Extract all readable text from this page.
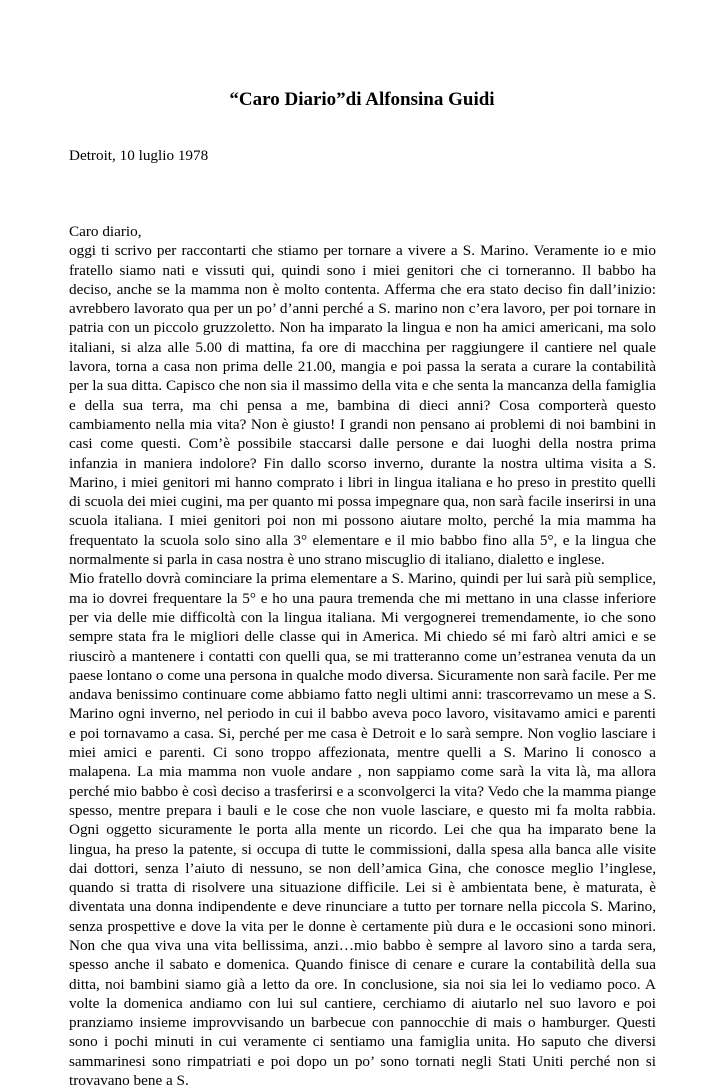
“Caro Diario”di Alfonsina Guidi

Detroit, 10 luglio 1978

Caro diario,

oggi ti scrivo per raccontarti che stiamo per tornare a vivere a S. Marino. Veramente io e mio fratello siamo nati e vissuti qui, quindi sono i miei genitori che ci torneranno. Il babbo ha deciso, anche se la mamma non è molto contenta. Afferma che era stato deciso fin dall’inizio: avrebbero lavorato qua per un po’ d’anni perché a S. marino non c’era lavoro, per poi tornare in patria con un piccolo gruzzoletto. Non ha imparato la lingua e non ha amici americani, ma solo italiani, si alza alle 5.00 di mattina, fa ore di macchina per raggiungere il cantiere nel quale lavora, torna a casa non prima delle 21.00, mangia e poi passa la serata a curare la contabilità per la sua ditta. Capisco che non sia il massimo della vita e che senta la mancanza della famiglia e della sua terra, ma chi pensa a me, bambina di dieci anni? Cosa comporterà questo cambiamento nella mia vita? Non è giusto! I grandi non pensano ai problemi di noi bambini in casi come questi. Com’è possibile staccarsi dalle persone e dai luoghi della nostra prima infanzia in maniera indolore? Fin dallo scorso inverno, durante la nostra ultima visita a S. Marino, i miei genitori mi hanno comprato i libri in lingua italiana e ho preso in prestito quelli di scuola dei miei cugini, ma per quanto mi possa impegnare qua, non sarà facile inserirsi in una scuola italiana. I miei genitori poi non mi possono aiutare molto, perché la mia mamma ha frequentato la scuola solo sino alla 3° elementare e il mio babbo fino alla 5°, e la lingua che normalmente si parla in casa nostra è uno strano miscuglio di italiano, dialetto e inglese.

Mio fratello dovrà cominciare la prima elementare a S. Marino, quindi per lui sarà più semplice, ma io dovrei frequentare la 5° e ho una paura tremenda che mi mettano in una classe inferiore per via delle mie difficoltà con la lingua italiana. Mi vergognerei tremendamente, io che sono sempre stata fra le migliori delle classe qui in America. Mi chiedo sé mi farò altri amici e se riuscirò a mantenere i contatti con quelli qua, se mi tratteranno come un’estranea venuta da un paese lontano o come una persona in qualche modo diversa. Sicuramente non sarà facile. Per me andava benissimo continuare come abbiamo fatto negli ultimi anni: trascorrevamo un mese a S. Marino ogni inverno, nel periodo in cui il babbo aveva poco lavoro, visitavamo amici e parenti e poi tornavamo a casa. Si, perché per me casa è Detroit e lo sarà sempre. Non voglio lasciare i miei amici e parenti. Ci sono troppo affezionata, mentre quelli a S. Marino li conosco a malapena. La mia mamma non vuole andare , non sappiamo come sarà la vita là, ma allora perché mio babbo è così deciso a trasferirsi e a sconvolgerci la vita? Vedo che la mamma piange spesso, mentre prepara i bauli e le cose che non vuole lasciare, e questo mi fa molta rabbia. Ogni oggetto sicuramente le porta alla mente un ricordo. Lei che qua ha imparato bene la lingua, ha preso la patente, si occupa di tutte le commissioni, dalla spesa alla banca alle visite dai dottori, senza l’aiuto di nessuno, se non dell’amica Gina, che conosce meglio l’inglese, quando si tratta di risolvere una situazione difficile. Lei si è ambientata bene, è maturata, è diventata una donna indipendente e deve rinunciare a tutto per tornare nella piccola S. Marino, senza prospettive e dove la vita per le donne è certamente più dura e le occasioni sono minori. Non che qua viva una vita bellissima, anzi…mio babbo è sempre al lavoro sino a tarda sera, spesso anche il sabato e domenica. Quando finisce di cenare e curare la contabilità della sua ditta, noi bambini siamo già a letto da ore. In conclusione, sia noi sia lei lo vediamo poco. A volte la domenica andiamo con lui sul cantiere, cerchiamo di aiutarlo nel suo lavoro e poi pranziamo insieme improvvisando un barbecue con pannocchie di mais o hamburger. Questi sono i pochi minuti in cui veramente ci sentiamo una famiglia unita. Ho saputo che diversi sammarinesi sono rimpatriati e poi dopo un po’ sono tornati negli Stati Uniti perché non si trovavano bene a S.
